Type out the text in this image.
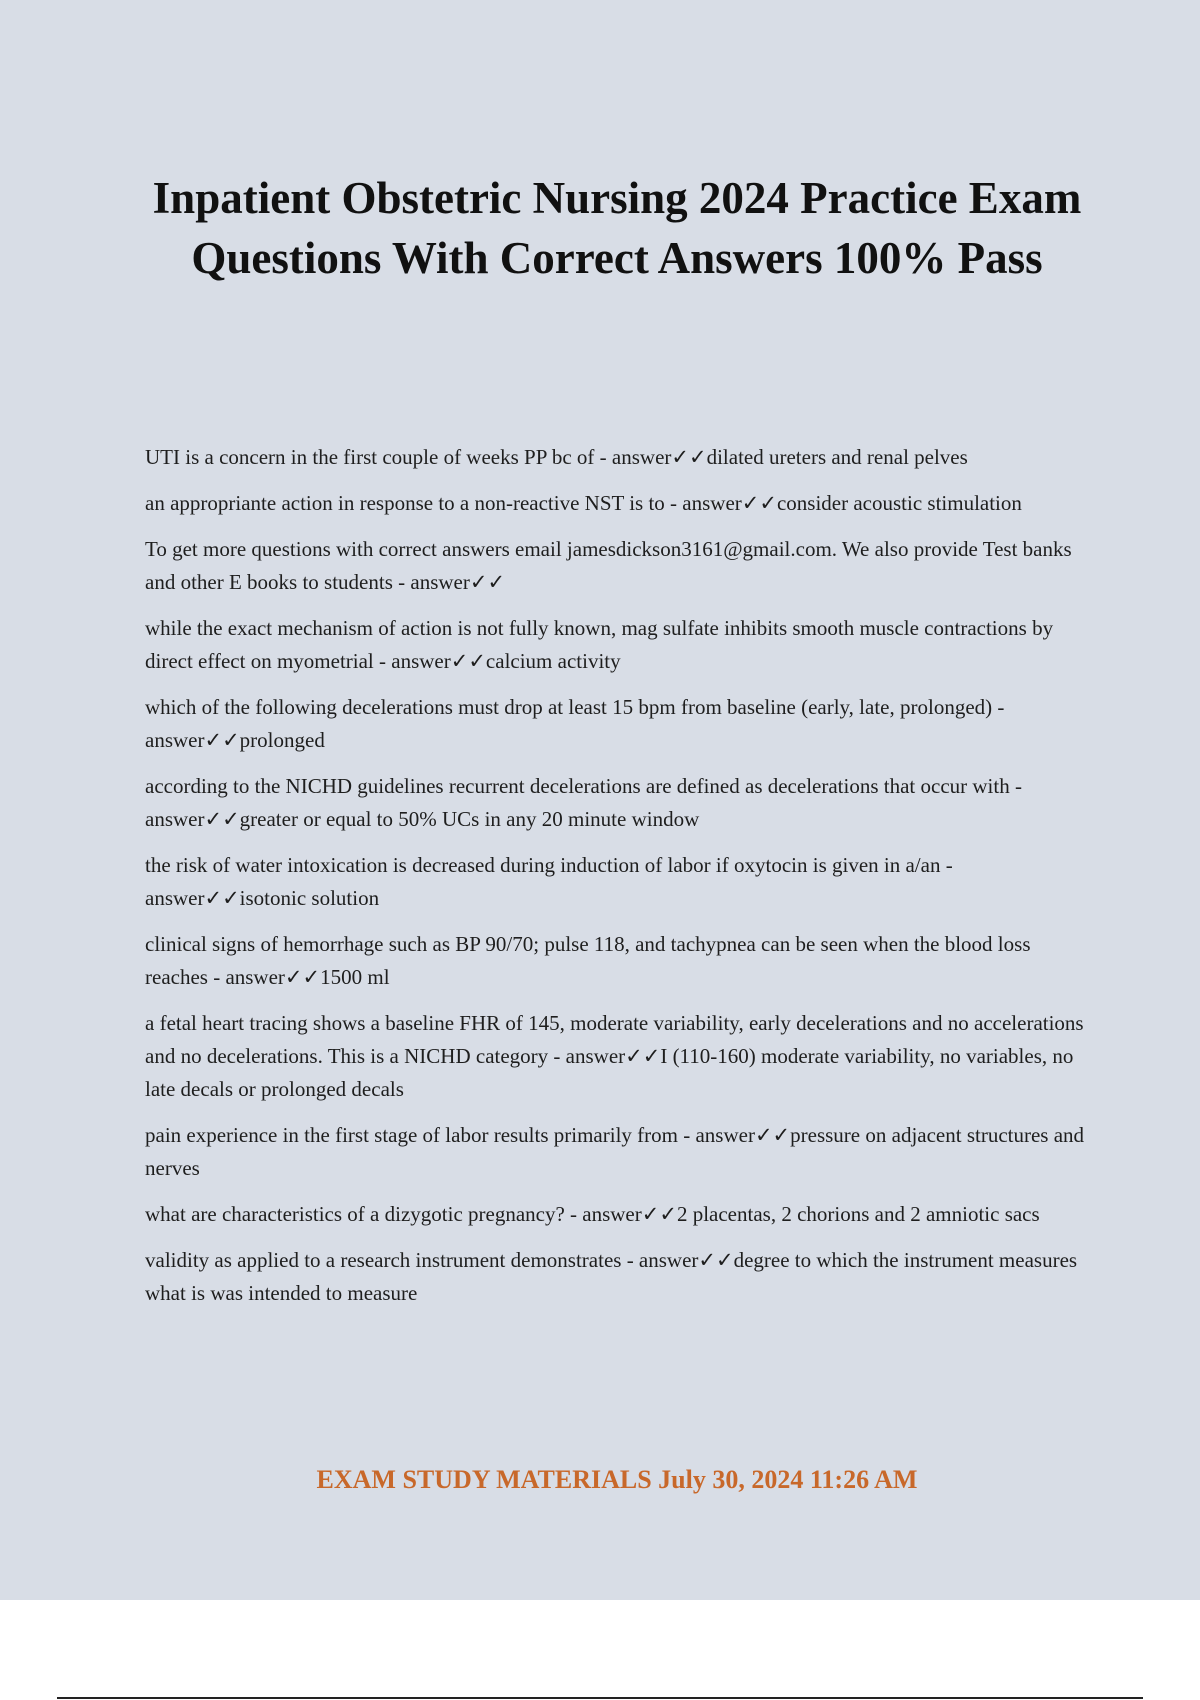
Inpatient Obstetric Nursing 2024 Practice Exam Questions With Correct Answers 100% Pass
UTI is a concern in the first couple of weeks PP bc of - answer✓✓dilated ureters and renal pelves
an appropriante action in response to a non-reactive NST is to - answer✓✓consider acoustic stimulation
To get more questions with correct answers email jamesdickson3161@gmail.com. We also provide Test banks and other E books to students - answer✓✓
while the exact mechanism of action is not fully known, mag sulfate inhibits smooth muscle contractions by direct effect on myometrial - answer✓✓calcium activity
which of the following decelerations must drop at least 15 bpm from baseline (early, late, prolonged) - answer✓✓prolonged
according to the NICHD guidelines recurrent decelerations are defined as decelerations that occur with - answer✓✓greater or equal to 50% UCs in any 20 minute window
the risk of water intoxication is decreased during induction of labor if oxytocin is given in a/an - answer✓✓isotonic solution
clinical signs of hemorrhage such as BP 90/70; pulse 118, and tachypnea can be seen when the blood loss reaches - answer✓✓1500 ml
a fetal heart tracing shows a baseline FHR of 145, moderate variability, early decelerations and no accelerations and no decelerations. This is a NICHD category - answer✓✓I (110-160) moderate variability, no variables, no late decals or prolonged decals
pain experience in the first stage of labor results primarily from - answer✓✓pressure on adjacent structures and nerves
what are characteristics of a dizygotic pregnancy? - answer✓✓2 placentas, 2 chorions and 2 amniotic sacs
validity as applied to a research instrument demonstrates - answer✓✓degree to which the instrument measures what is was intended to measure
EXAM STUDY MATERIALS July 30, 2024 11:26 AM
